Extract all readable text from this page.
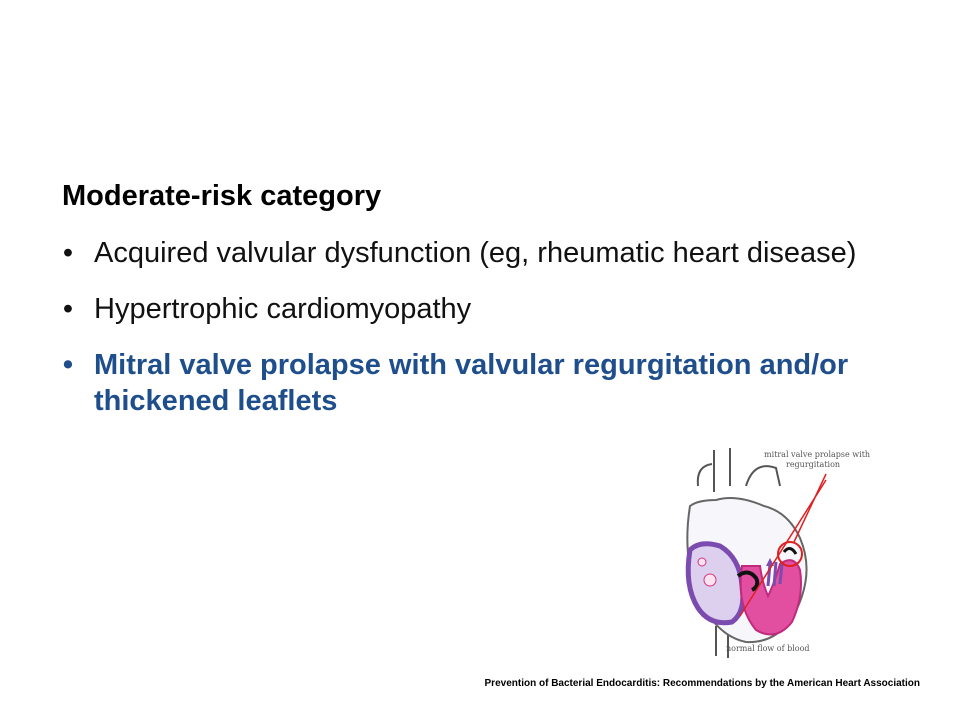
Moderate-risk category
• Acquired valvular dysfunction (eg, rheumatic heart disease)
• Hypertrophic cardiomyopathy
• Mitral valve prolapse with valvular regurgitation and/or thickened leaflets
mitral valve prolapse with
regurgitation
normal flow of blood
Prevention of Bacterial Endocarditis: Recommendations by the American Heart Association
